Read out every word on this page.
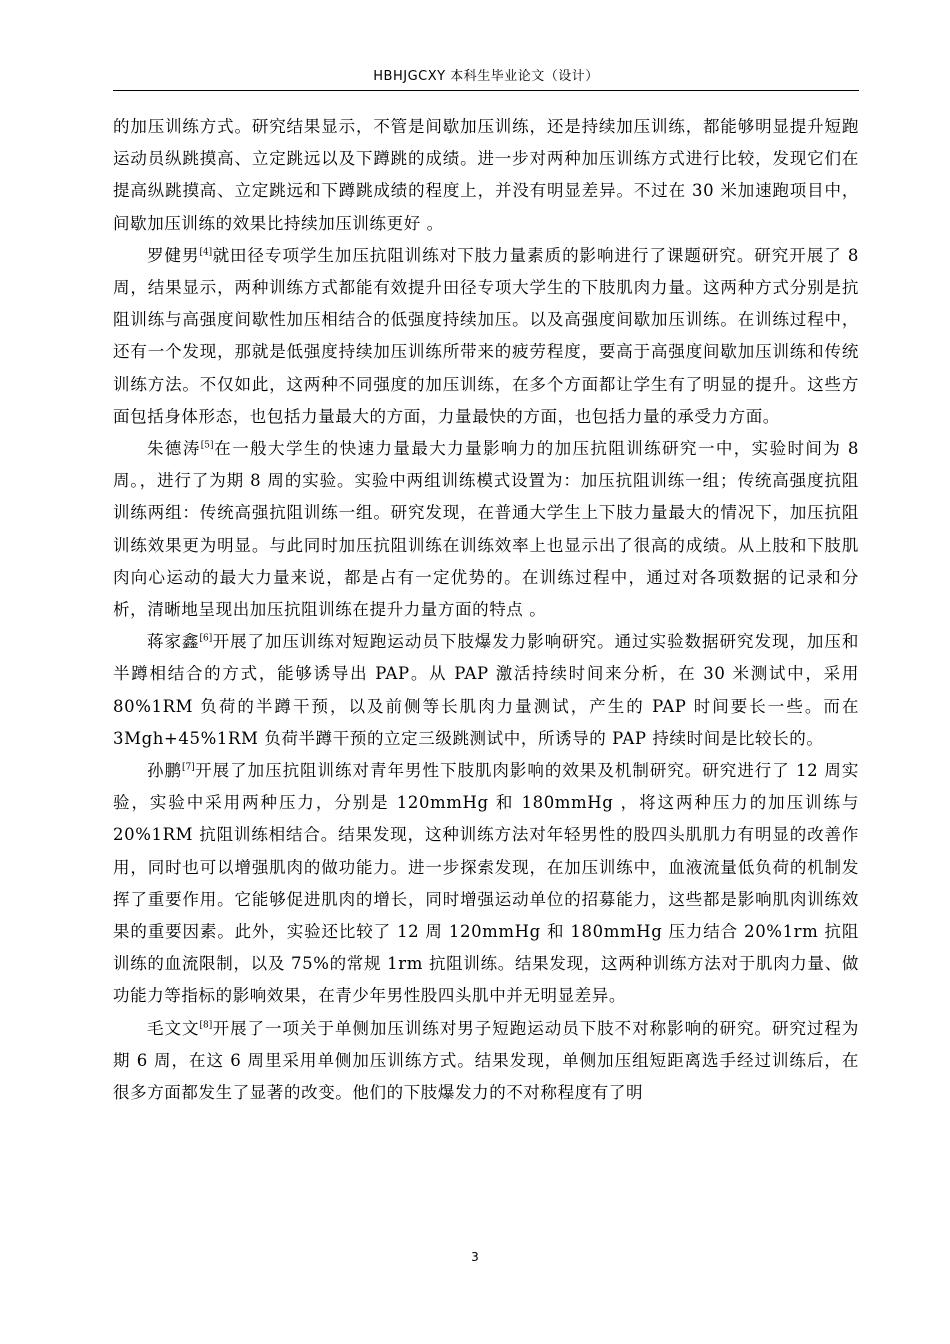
HBHJGCXY 本科生毕业论文（设计）

的加压训练方式。研究结果显示，不管是间歇加压训练，还是持续加压训练，都能够明显提升短跑运动员纵跳摸高、立定跳远以及下蹲跳的成绩。进一步对两种加压训练方式进行比较，发现它们在提高纵跳摸高、立定跳远和下蹲跳成绩的程度上，并没有明显差异。不过在 30 米加速跑项目中，间歇加压训练的效果比持续加压训练更好 。

罗健男[4]就田径专项学生加压抗阻训练对下肢力量素质的影响进行了课题研究。研究开展了 8 周，结果显示，两种训练方式都能有效提升田径专项大学生的下肢肌肉力量。这两种方式分别是抗阻训练与高强度间歇性加压相结合的低强度持续加压。以及高强度间歇加压训练。在训练过程中，还有一个发现，那就是低强度持续加压训练所带来的疲劳程度，要高于高强度间歇加压训练和传统训练方法。不仅如此，这两种不同强度的加压训练，在多个方面都让学生有了明显的提升。这些方面包括身体形态，也包括力量最大的方面，力量最快的方面，也包括力量的承受力方面。

朱德涛[5]在一般大学生的快速力量最大力量影响力的加压抗阻训练研究一中，实验时间为 8 周。，进行了为期 8 周的实验。实验中两组训练模式设置为：加压抗阻训练一组；传统高强度抗阻训练两组：传统高强抗阻训练一组。研究发现，在普通大学生上下肢力量最大的情况下，加压抗阻训练效果更为明显。与此同时加压抗阻训练在训练效率上也显示出了很高的成绩。从上肢和下肢肌肉向心运动的最大力量来说，都是占有一定优势的。在训练过程中，通过对各项数据的记录和分析，清晰地呈现出加压抗阻训练在提升力量方面的特点 。

蒋家鑫[6]开展了加压训练对短跑运动员下肢爆发力影响研究。通过实验数据研究发现，加压和半蹲相结合的方式，能够诱导出 PAP。从 PAP 激活持续时间来分析，在 30 米测试中，采用 80%1RM 负荷的半蹲干预，以及前侧等长肌肉力量测试，产生的 PAP 时间要长一些。而在 3Mgh+45%1RM 负荷半蹲干预的立定三级跳测试中，所诱导的 PAP 持续时间是比较长的。

孙鹏[7]开展了加压抗阻训练对青年男性下肢肌肉影响的效果及机制研究。研究进行了 12 周实验，实验中采用两种压力，分别是 120mmHg 和 180mmHg ，将这两种压力的加压训练与 20%1RM 抗阻训练相结合。结果发现，这种训练方法对年轻男性的股四头肌肌力有明显的改善作用，同时也可以增强肌肉的做功能力。进一步探索发现，在加压训练中，血液流量低负荷的机制发挥了重要作用。它能够促进肌肉的增长，同时增强运动单位的招募能力，这些都是影响肌肉训练效果的重要因素。此外，实验还比较了 12 周 120mmHg 和 180mmHg 压力结合 20%1rm 抗阻训练的血流限制，以及 75%的常规 1rm 抗阻训练。结果发现，这两种训练方法对于肌肉力量、做功能力等指标的影响效果，在青少年男性股四头肌中并无明显差异。

毛文文[8]开展了一项关于单侧加压训练对男子短跑运动员下肢不对称影响的研究。研究过程为期 6 周，在这 6 周里采用单侧加压训练方式。结果发现，单侧加压组短距离选手经过训练后，在很多方面都发生了显著的改变。他们的下肢爆发力的不对称程度有了明

3
